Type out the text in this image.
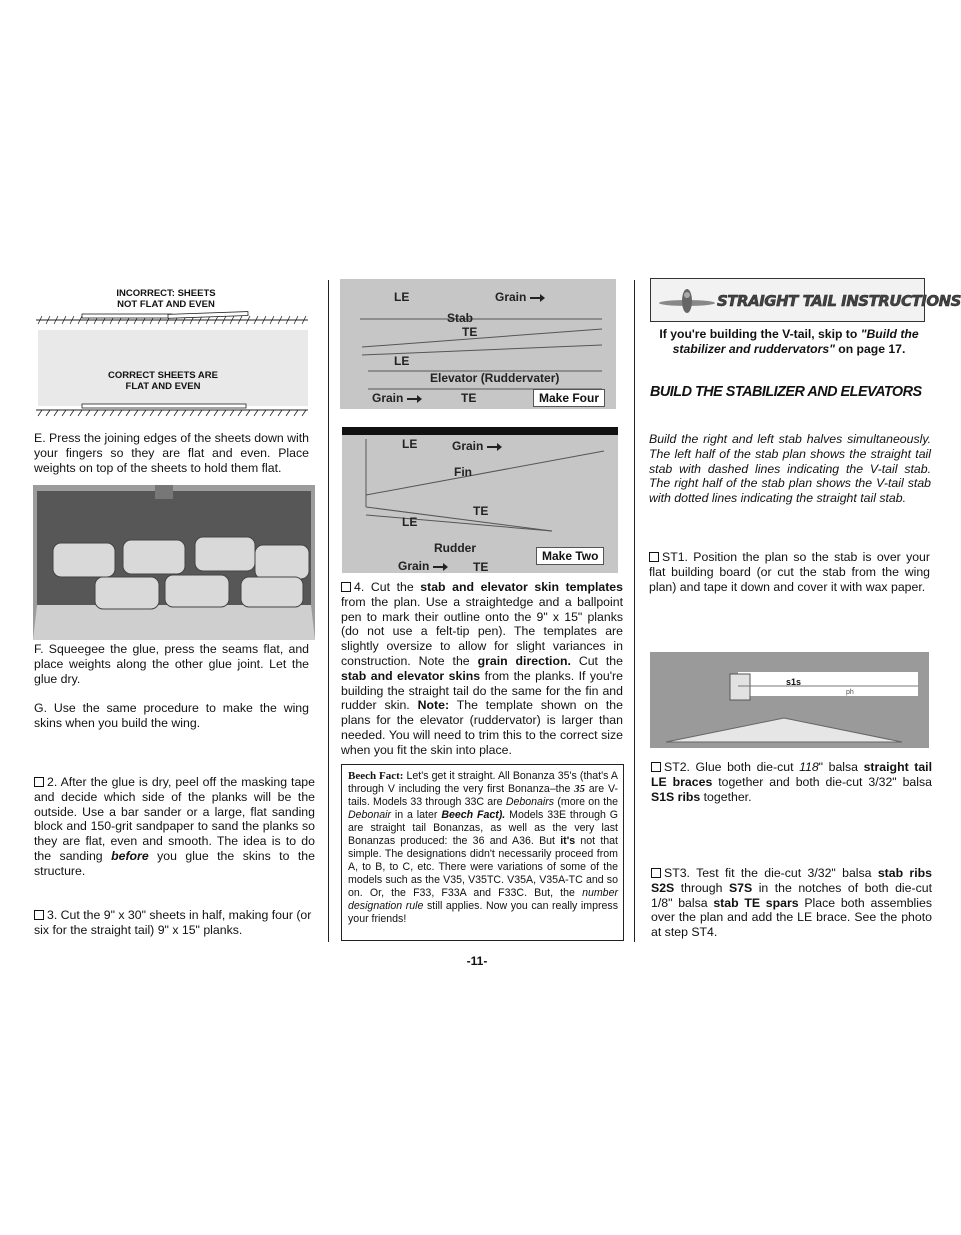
INCORRECT: SHEETS
NOT FLAT AND EVEN
CORRECT SHEETS ARE
FLAT AND EVEN

E. Press the joining edges of the sheets down with your fingers so they are flat and even. Place weights on top of the sheets to hold them flat.

F. Squeegee the glue, press the seams flat, and place weights along the other glue joint. Let the glue dry.

G. Use the same procedure to make the wing skins when you build the wing.

2. After the glue is dry, peel off the masking tape and decide which side of the planks will be the outside. Use a bar sander or a large, flat sanding block and 150-grit sandpaper to sand the planks so they are flat, even and smooth. The idea is to do the sanding before you glue the skins to the structure.

3. Cut the 9" x 30" sheets in half, making four (or six for the straight tail) 9" x 15" planks.

LE	Grain
Stab
TE
LE
Elevator (Ruddervater)
Grain	TE	Make Four
LE	Grain
Fin
TE
LE
Rudder
Make Two
Grain	TE

4. Cut the stab and elevator skin templates from the plan. Use a straightedge and a ballpoint pen to mark their outline onto the 9" x 15" planks (do not use a felt-tip pen). The templates are slightly oversize to allow for slight variances in construction. Note the grain direction. Cut the stab and elevator skins from the planks. If you're building the straight tail do the same for the fin and rudder skin. Note: The template shown on the plans for the elevator (ruddervator) is larger than needed. You will need to trim this to the correct size when you fit the skin into place.

Beech Fact: Let's get it straight. All Bonanza 35's (that's A through V including the very first Bonanza–the 35 are V-tails. Models 33 through 33C are Debonairs (more on the Debonair in a later Beech Fact). Models 33E through G are straight tail Bonanzas, as well as the very last Bonanzas produced: the 36 and A36. But it's not that simple. The designations didn't necessarily proceed from A, to B, to C, etc. There were variations of some of the models such as the V35, V35TC. V35A, V35A-TC and so on. Or, the F33, F33A and F33C. But, the number designation rule still applies. Now you can really impress your friends!
STRAIGHT TAIL INSTRUCTIONS

If you're building the V-tail, skip to "Build the stabilizer and ruddervators" on page 17.

BUILD THE STABILIZER AND ELEVATORS

Build the right and left stab halves simultaneously. The left half of the stab plan shows the straight tail stab with dashed lines indicating the V-tail stab. The right half of the stab plan shows the V-tail stab with dotted lines indicating the straight tail stab.

ST1. Position the plan so the stab is over your flat building board (or cut the stab from the wing plan) and tape it down and cover it with wax paper.

s1s
ph

ST2. Glue both die-cut 118" balsa straight tail LE braces together and both die-cut 3/32" balsa S1S ribs together.

ST3. Test fit the die-cut 3/32" balsa stab ribs S2S through S7S in the notches of both die-cut 1/8" balsa stab TE spars Place both assemblies over the plan and add the LE brace. See the photo at step ST4.

-11-
